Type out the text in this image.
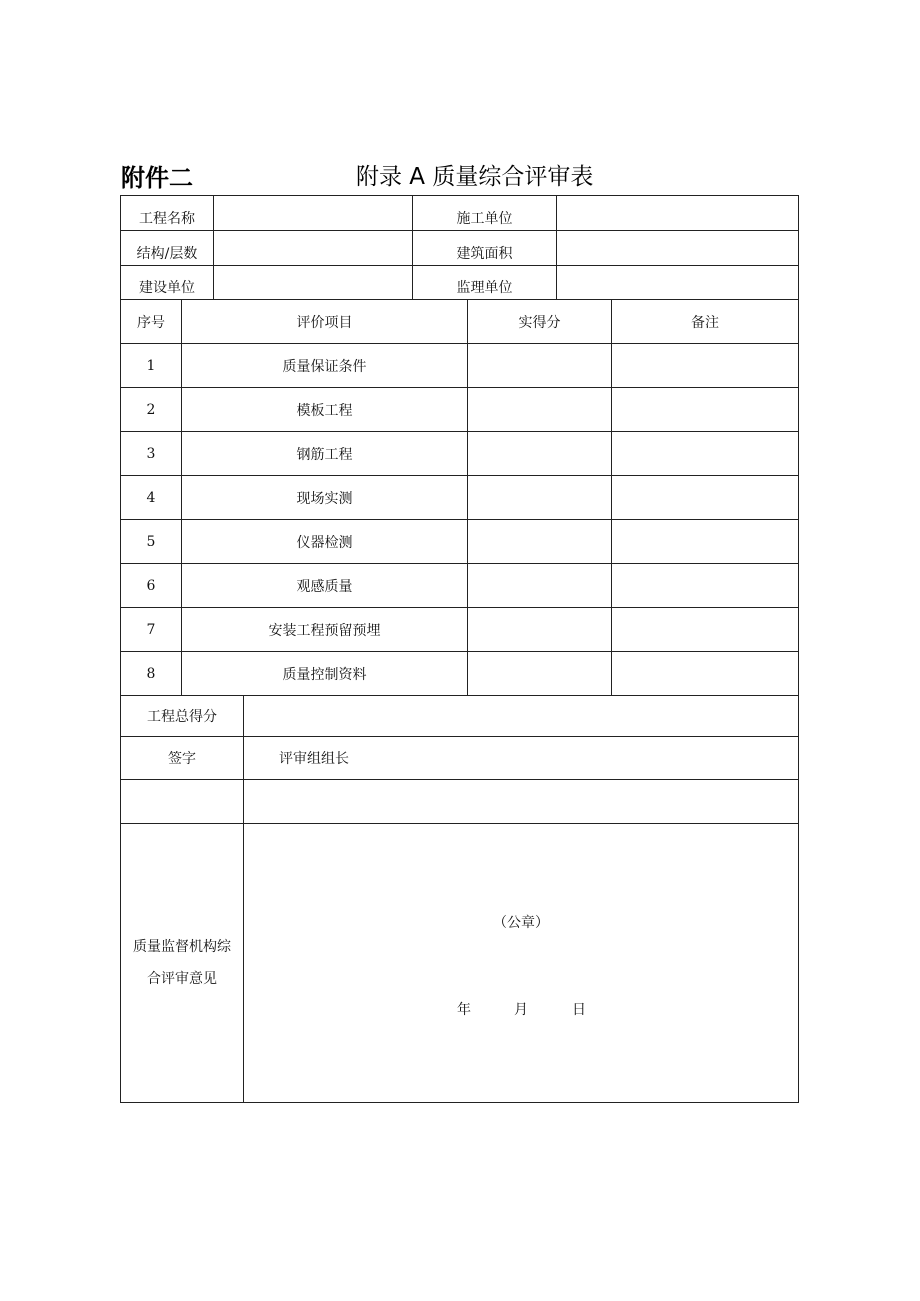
附件二	附录 A 质量综合评审表
工程名称	施工单位
结构/层数	建筑面积
建设单位	监理单位
序号	评价项目	实得分	备注
1	质量保证条件
2	模板工程
3	钢筋工程
4	现场实测
5	仪器检测
6	观感质量
7	安装工程预留预埋
8	质量控制资料
工程总得分
签字	评审组组长
质量监督机构综合评审意见
（公章）
年	月	日
